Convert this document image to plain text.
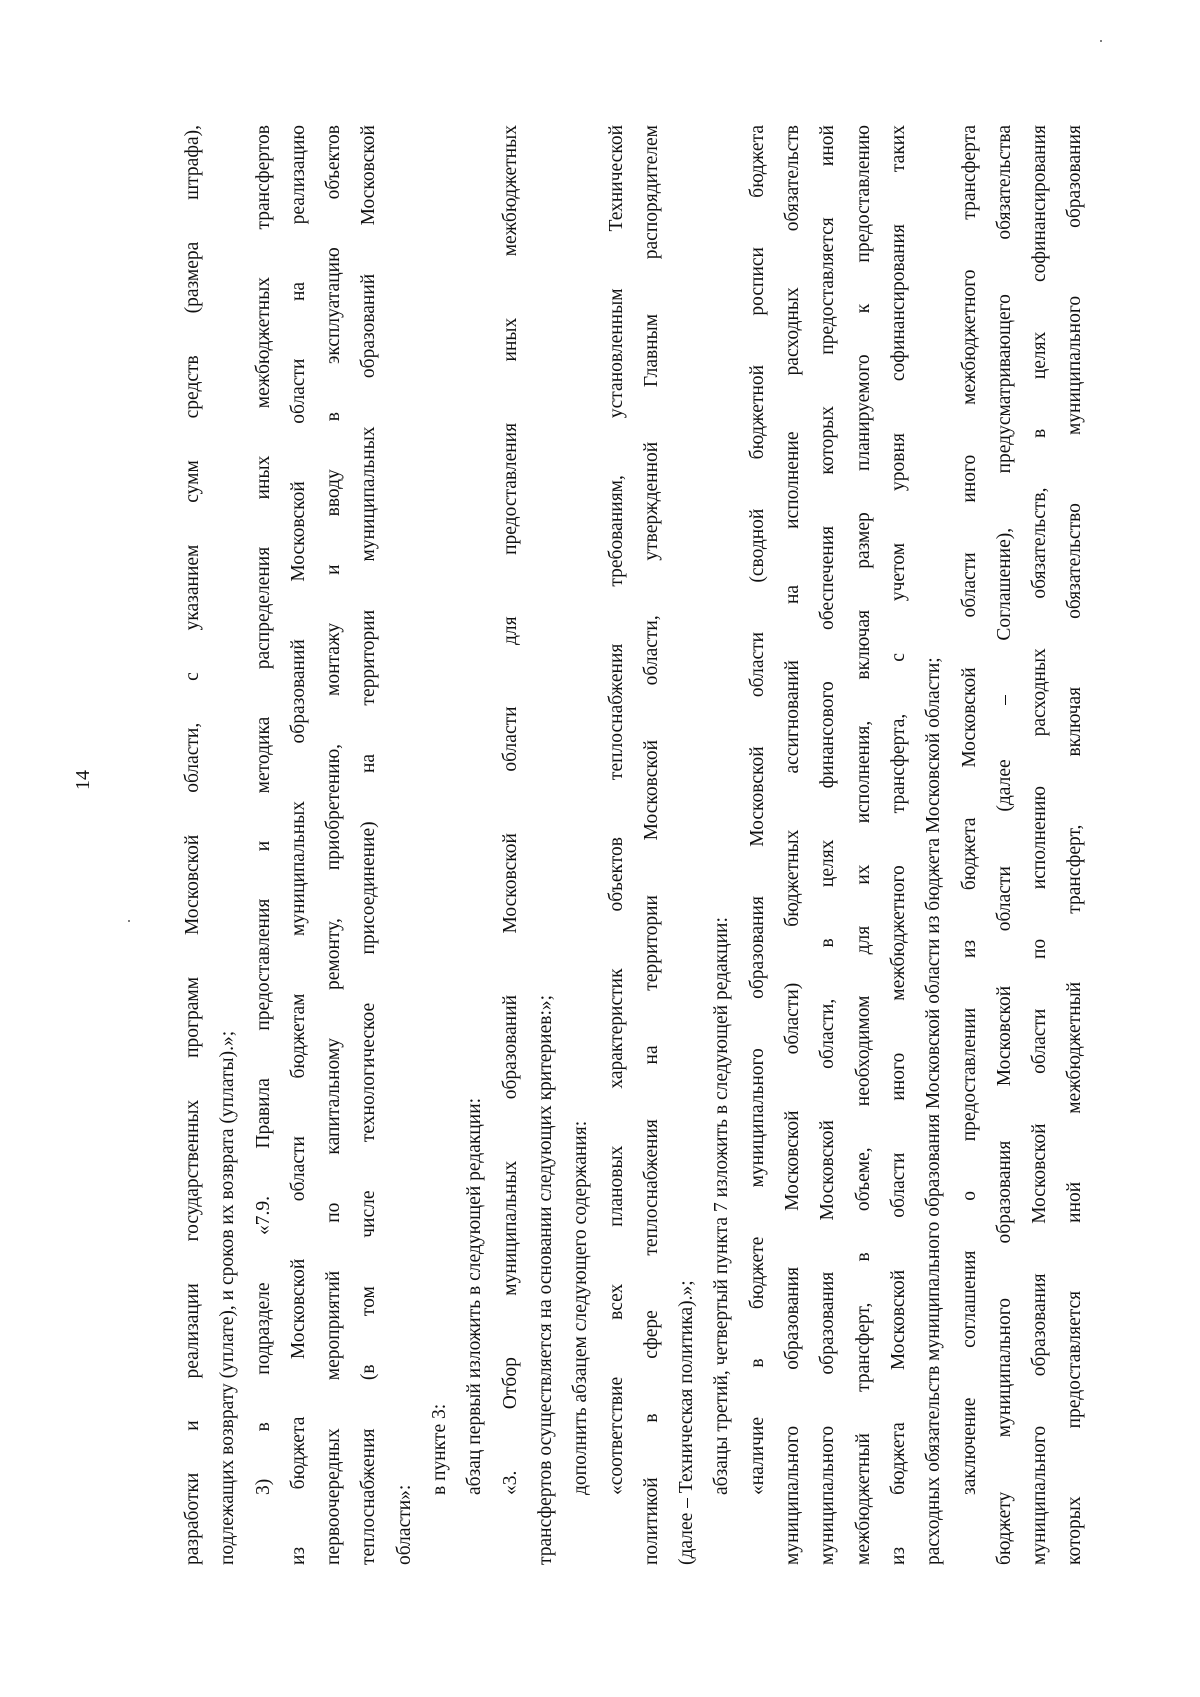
14	разработки и реализации государственных программ Московской области, с указанием сумм средств (размера штрафа), подлежащих возврату (уплате), и сроков их возврата (уплаты).»; 3) в подразделе «7.9. Правила предоставления и методика распределения иных межбюджетных трансфертов из бюджета Московской области бюджетам муниципальных образований Московской области на реализацию первоочередных мероприятий по капитальному ремонту, приобретению, монтажу и вводу в эксплуатацию объектов теплоснабжения (в том числе технологическое присоединение) на территории муниципальных образований Московской области»:
в пункте 3: абзац первый изложить в следующей редакции: «3. Отбор муниципальных образований Московской области для предоставления иных межбюджетных трансфертов осуществляется на основании следующих критериев:»; дополнить абзацем следующего содержания: «соответствие всех плановых характеристик объектов теплоснабжения требованиям, установленным Технической политикой в сфере теплоснабжения на территории Московской области, утвержденной Главным распорядителем (далее – Техническая политика).»; абзацы третий, четвертый пункта 7 изложить в следующей редакции: «наличие в бюджете муниципального образования Московской области (сводной бюджетной росписи бюджета муниципального образования Московской области) бюджетных ассигнований на исполнение расходных обязательств муниципального образования Московской области, в целях финансового обеспечения которых предоставляется иной межбюджетный трансферт, в объеме, необходимом для их исполнения, включая размер планируемого к предоставлению из бюджета Московской области иного межбюджетного трансферта, с учетом уровня софинансирования таких расходных обязательств муниципального образования Московской области из бюджета Московской области; заключение соглашения о предоставлении из бюджета Московской области иного межбюджетного трансферта бюджету муниципального образования Московской области (далее – Соглашение), предусматривающего обязательства муниципального образования Московской области по исполнению расходных обязательств, в целях софинансирования которых предоставляется иной межбюджетный трансферт, включая обязательство муниципального образования
